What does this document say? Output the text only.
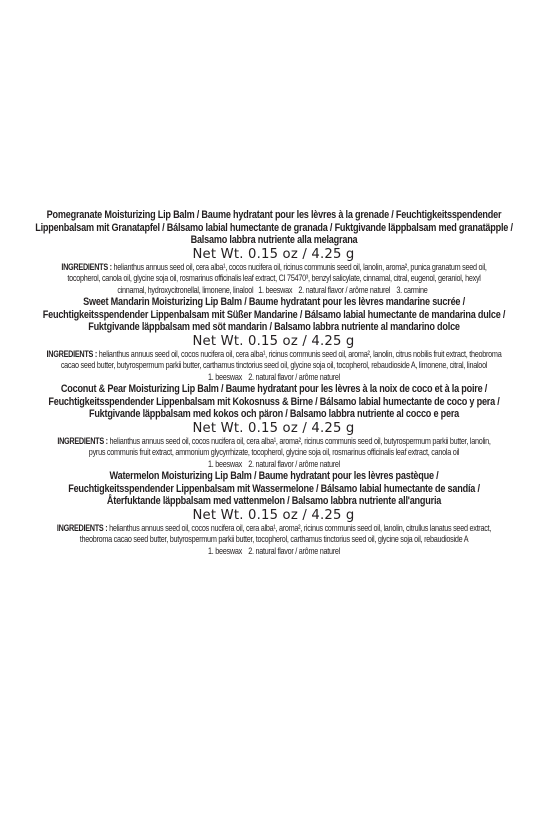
Pomegranate Moisturizing Lip Balm / Baume hydratant pour les lèvres à la grenade / Feuchtigkeitsspendender
Lippenbalsam mit Granatapfel / Bálsamo labial humectante de granada / Fuktgivande läppbalsam med granatäpple /
Balsamo labbra nutriente alla melagrana
Net Wt. 0.15 oz / 4.25 g
INGREDIENTS : helianthus annuus seed oil, cera alba¹, cocos nucifera oil, ricinus communis seed oil, lanolin, aroma², punica granatum seed oil,
tocopherol, canola oil, glycine soja oil, rosmarinus officinalis leaf extract, CI 75470³, benzyl salicylate, cinnamal, citral, eugenol, geraniol, hexyl
cinnamal, hydroxycitronellal, limonene, linalool 1. beeswax 2. natural flavor / arôme naturel 3. carmine
Sweet Mandarin Moisturizing Lip Balm / Baume hydratant pour les lèvres mandarine sucrée /
Feuchtigkeitsspendender Lippenbalsam mit Süßer Mandarine / Bálsamo labial humectante de mandarina dulce /
Fuktgivande läppbalsam med söt mandarin / Balsamo labbra nutriente al mandarino dolce
Net Wt. 0.15 oz / 4.25 g
INGREDIENTS : helianthus annuus seed oil, cocos nucifera oil, cera alba¹, ricinus communis seed oil, aroma², lanolin, citrus nobilis fruit extract, theobroma
cacao seed butter, butyrospermum parkii butter, carthamus tinctorius seed oil, glycine soja oil, tocopherol, rebaudioside A, limonene, citral, linalool
1. beeswax 2. natural flavor / arôme naturel
Coconut & Pear Moisturizing Lip Balm / Baume hydratant pour les lèvres à la noix de coco et à la poire /
Feuchtigkeitsspendender Lippenbalsam mit Kokosnuss & Birne / Bálsamo labial humectante de coco y pera /
Fuktgivande läppbalsam med kokos och päron / Balsamo labbra nutriente al cocco e pera
Net Wt. 0.15 oz / 4.25 g
INGREDIENTS : helianthus annuus seed oil, cocos nucifera oil, cera alba¹, aroma², ricinus communis seed oil, butyrospermum parkii butter, lanolin,
pyrus communis fruit extract, ammonium glycyrrhizate, tocopherol, glycine soja oil, rosmarinus officinalis leaf extract, canola oil
1. beeswax 2. natural flavor / arôme naturel
Watermelon Moisturizing Lip Balm / Baume hydratant pour les lèvres pastèque /
Feuchtigkeitsspendender Lippenbalsam mit Wassermelone / Bálsamo labial humectante de sandía /
Återfuktande läppbalsam med vattenmelon / Balsamo labbra nutriente all'anguria
Net Wt. 0.15 oz / 4.25 g
INGREDIENTS : helianthus annuus seed oil, cocos nucifera oil, cera alba¹, aroma², ricinus communis seed oil, lanolin, citrullus lanatus seed extract,
theobroma cacao seed butter, butyrospermum parkii butter, tocopherol, carthamus tinctorius seed oil, glycine soja oil, rebaudioside A
1. beeswax 2. natural flavor / arôme naturel
